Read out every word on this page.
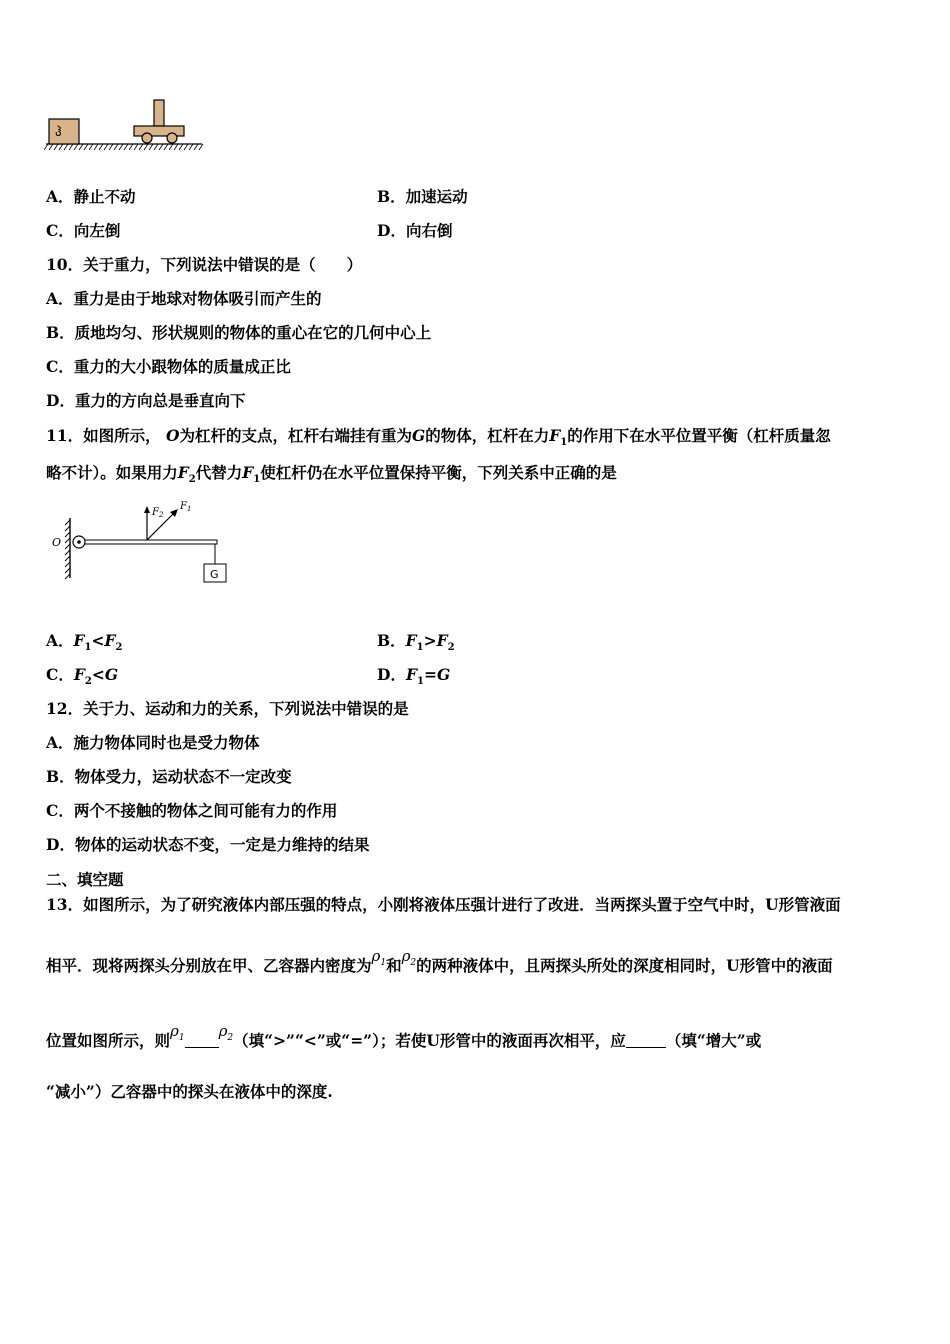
ჰ
A．静止不动	B．加速运动
C．向左倒	D．向右倒
10．关于重力，下列说法中错误的是（　　）
A．重力是由于地球对物体吸引而产生的
B．质地均匀、形状规则的物体的重心在它的几何中心上
C．重力的大小跟物体的质量成正比
D．重力的方向总是垂直向下
11．如图所示， O为杠杆的支点，杠杆右端挂有重为G的物体，杠杆在力$F_1$的作用下在水平位置平衡（杠杆质量忽
略不计）。如果用力$F_2$代替力$F_1$使杠杆仍在水平位置保持平衡，下列关系中正确的是
O
G
$F_2$
$F_1$
A．$F_1<F_2$	B．$F_1>F_2$
C．$F_2<G$	D．$F_1=G$
12．关于力、运动和力的关系，下列说法中错误的是
A．施力物体同时也是受力物体
B．物体受力，运动状态不一定改变
C．两个不接触的物体之间可能有力的作用
D．物体的运动状态不变，一定是力维持的结果
二、填空题
13．如图所示，为了研究液体内部压强的特点，小刚将液体压强计进行了改进．当两探头置于空气中时，U形管液面
相平．现将两探头分别放在甲、乙容器内密度为$\rho_1$和$\rho_2$的两种液体中，且两探头所处的深度相同时，U形管中的液面
位置如图所示，则$\rho_1$ $\rho_2$（填“>”“<”或“=”）；若使U形管中的液面再次相平，应	（填“增大”或
“减小”）乙容器中的探头在液体中的深度.
